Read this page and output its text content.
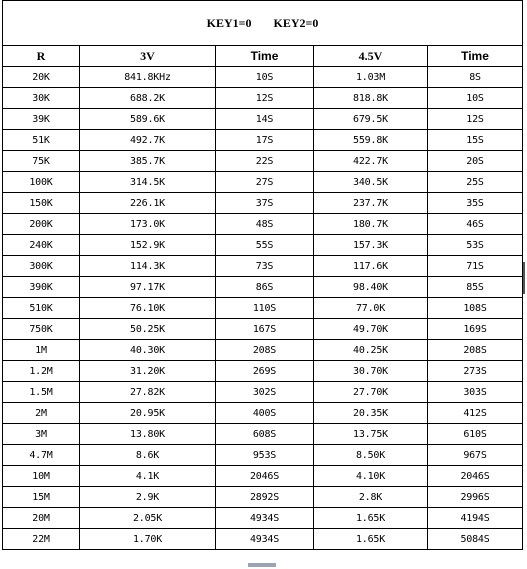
KEY1=0 KEY2=0				
R	3V	Time	4.5V	Time
20K	841.8KHz	10S	1.03M	8S
30K	688.2K	12S	818.8K	10S
39K	589.6K	14S	679.5K	12S
51K	492.7K	17S	559.8K	15S
75K	385.7K	22S	422.7K	20S
100K	314.5K	27S	340.5K	25S
150K	226.1K	37S	237.7K	35S
200K	173.0K	48S	180.7K	46S
240K	152.9K	55S	157.3K	53S
300K	114.3K	73S	117.6K	71S
390K	97.17K	86S	98.40K	85S
510K	76.10K	110S	77.0K	108S
750K	50.25K	167S	49.70K	169S
1M	40.30K	208S	40.25K	208S
1.2M	31.20K	269S	30.70K	273S
1.5M	27.82K	302S	27.70K	303S
2M	20.95K	400S	20.35K	412S
3M	13.80K	608S	13.75K	610S
4.7M	8.6K	953S	8.50K	967S
10M	4.1K	2046S	4.10K	2046S
15M	2.9K	2892S	2.8K	2996S
20M	2.05K	4934S	1.65K	4194S
22M	1.70K	4934S	1.65K	5084S
